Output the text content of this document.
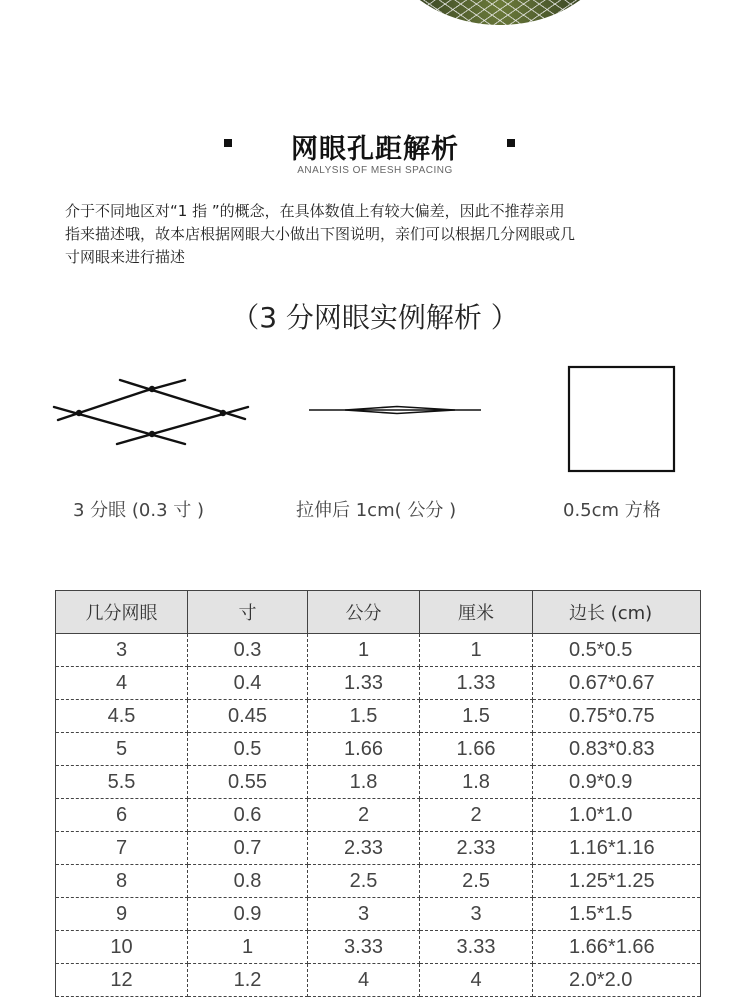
网眼孔距解析
ANALYSIS OF MESH SPACING
介于不同地区对“1 指 ”的概念，在具体数值上有较大偏差，因此不推荐亲用
指来描述哦，故本店根据网眼大小做出下图说明，亲们可以根据几分网眼或几
寸网眼来进行描述
（3 分网眼实例解析 ）
3 分眼 (0.3 寸 )	拉伸后 1cm( 公分 )	0.5cm 方格
几分网眼	寸	公分	厘米	边长 (cm)
3	0.3	1	1	0.5*0.5
4	0.4	1.33	1.33	0.67*0.67
4.5	0.45	1.5	1.5	0.75*0.75
5	0.5	1.66	1.66	0.83*0.83
5.5	0.55	1.8	1.8	0.9*0.9
6	0.6	2	2	1.0*1.0
7	0.7	2.33	2.33	1.16*1.16
8	0.8	2.5	2.5	1.25*1.25
9	0.9	3	3	1.5*1.5
10	1	3.33	3.33	1.66*1.66
12	1.2	4	4	2.0*2.0
